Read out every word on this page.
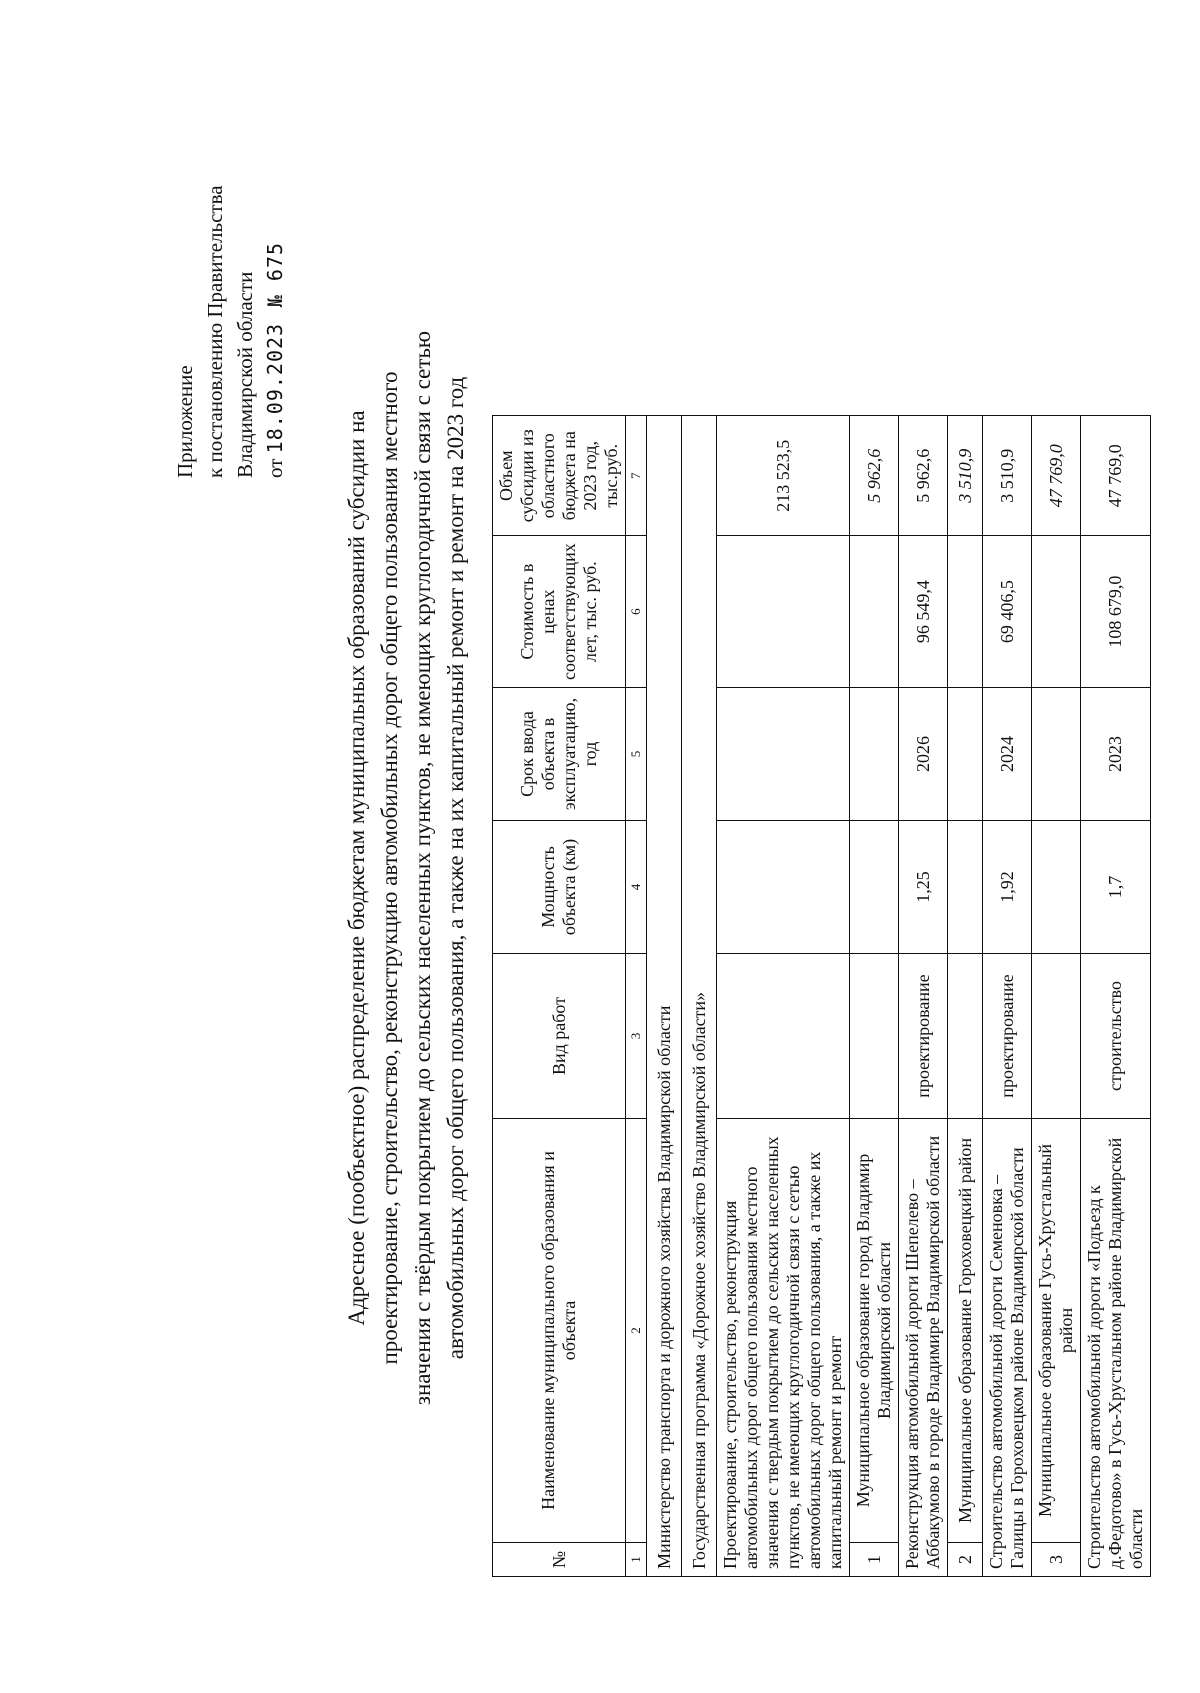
Приложение к постановлению Правительства Владимирской области от 18.09.2023   № 675
Адресное (пообъектное) распределение бюджетам муниципальных образований субсидии на проектирование, строительство, реконструкцию автомобильных дорог общего пользования местного значения с твёрдым покрытием до сельских населенных пунктов, не имеющих круглогодичной связи с сетью автомобильных дорог общего пользования, а также на их капитальный ремонт и ремонт на 2023 год
№	Наименование муниципального образования и объекта	Вид работ	Мощность объекта (км)	Срок ввода объекта в эксплуатацию, год	Стоимость в ценах соответствующих лет, тыс. руб.	Объем субсидии из областного бюджета на 2023 год, тыс.руб.
1	2	3	4	5	6	7
Министерство транспорта и дорожного хозяйства Владимирской области						
Государственная программа «Дорожное хозяйство Владимирской области»						
Проектирование, строительство, реконструкция автомобильных дорог общего пользования местного значения с твердым покрытием до сельских населенных пунктов, не имеющих круглогодичной связи с сетью автомобильных дорог общего пользования, а также их капитальный ремонт и ремонт						213 523,5
1	Муниципальное образование город Владимир Владимирской области					5 962,6
Реконструкция автомобильной дороги Шепелево – Аббакумово в городе Владимире Владимирской области		проектирование	1,25	2026	96 549,4	5 962,6
2	Муниципальное образование Гороховецкий район					3 510,9
Строительство автомобильной дороги Семеновка – Галицы в Гороховецком районе Владимирской области		проектирование	1,92	2024	69 406,5	3 510,9
3	Муниципальное образование Гусь-Хрустальный район					47 769,0
Строительство автомобильной дороги «Подъезд к д.Федотово» в Гусь-Хрустальном районе Владимирской области		строительство	1,7	2023	108 679,0	47 769,0
